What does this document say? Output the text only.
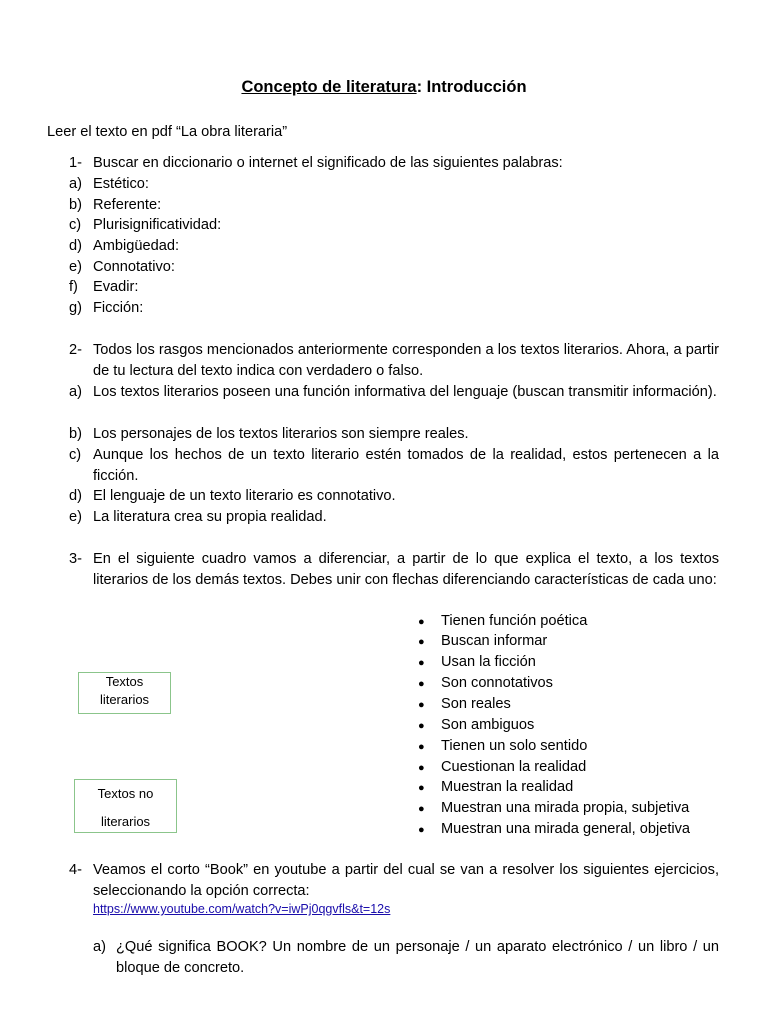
Concepto de literatura: Introducción
Leer el texto en pdf “La obra literaria”
1- Buscar en diccionario o internet el significado de las siguientes palabras:
a) Estético:
b) Referente:
c) Plurisignificatividad:
d) Ambigüedad:
e) Connotativo:
f) Evadir:
g) Ficción:
2- Todos los rasgos mencionados anteriormente corresponden a los textos literarios. Ahora, a partir de tu lectura del texto indica con verdadero o falso.
a) Los textos literarios poseen una función informativa del lenguaje (buscan transmitir información).
b) Los personajes de los textos literarios son siempre reales.
c) Aunque los hechos de un texto literario estén tomados de la realidad, estos pertenecen a la ficción.
d) El lenguaje de un texto literario es connotativo.
e) La literatura crea su propia realidad.
3- En el siguiente cuadro vamos a diferenciar, a partir de lo que explica el texto, a los textos literarios de los demás textos. Debes unir con flechas diferenciando características de cada uno:
Textos
literarios
Textos no
literarios
● Tienen función poética
● Buscan informar
● Usan la ficción
● Son connotativos
● Son reales
● Son ambiguos
● Tienen un solo sentido
● Cuestionan la realidad
● Muestran la realidad
● Muestran una mirada propia, subjetiva
● Muestran una mirada general, objetiva
4- Veamos el corto “Book” en youtube a partir del cual se van a resolver los siguientes ejercicios, seleccionando la opción correcta:
https://www.youtube.com/watch?v=iwPj0qgvfls&t=12s
a) ¿Qué significa BOOK? Un nombre de un personaje / un aparato electrónico / un libro / un bloque de concreto.
